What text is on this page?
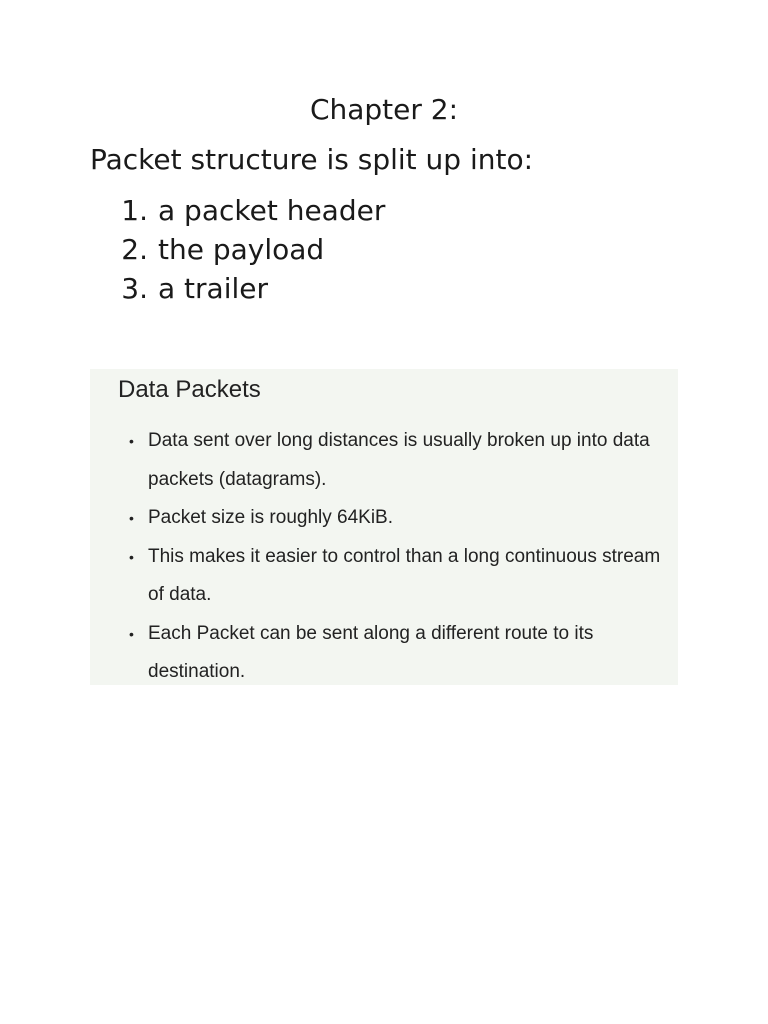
Chapter 2:

Packet structure is split up into:

1. a packet header
2. the payload
3. a trailer
Data Packets
• Data sent over long distances is usually broken up into data packets (datagrams).
• Packet size is roughly 64KiB.
• This makes it easier to control than a long continuous stream of data.
• Each Packet can be sent along a different route to its destination.
